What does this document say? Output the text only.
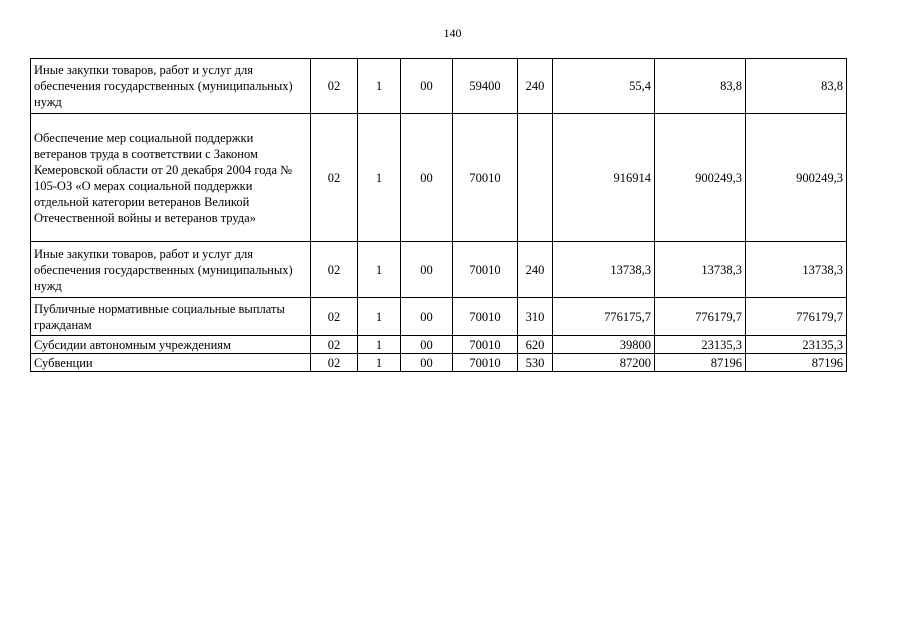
140
Иные закупки товаров, работ и услуг для обеспечения государственных (муниципальных) нужд	02	1	00	59400	240	55,4	83,8	83,8
Обеспечение мер социальной поддержки ветеранов труда в соответствии с Законом Кемеровской области от 20 декабря 2004 года № 105-ОЗ «О мерах социальной поддержки отдельной категории ветеранов Великой Отечественной войны и ветеранов труда»	02	1	00	70010		916914	900249,3	900249,3
Иные закупки товаров, работ и услуг для обеспечения государственных (муниципальных) нужд	02	1	00	70010	240	13738,3	13738,3	13738,3
Публичные нормативные социальные выплаты гражданам	02	1	00	70010	310	776175,7	776179,7	776179,7
Субсидии автономным учреждениям	02	1	00	70010	620	39800	23135,3	23135,3
Субвенции	02	1	00	70010	530	87200	87196	87196
